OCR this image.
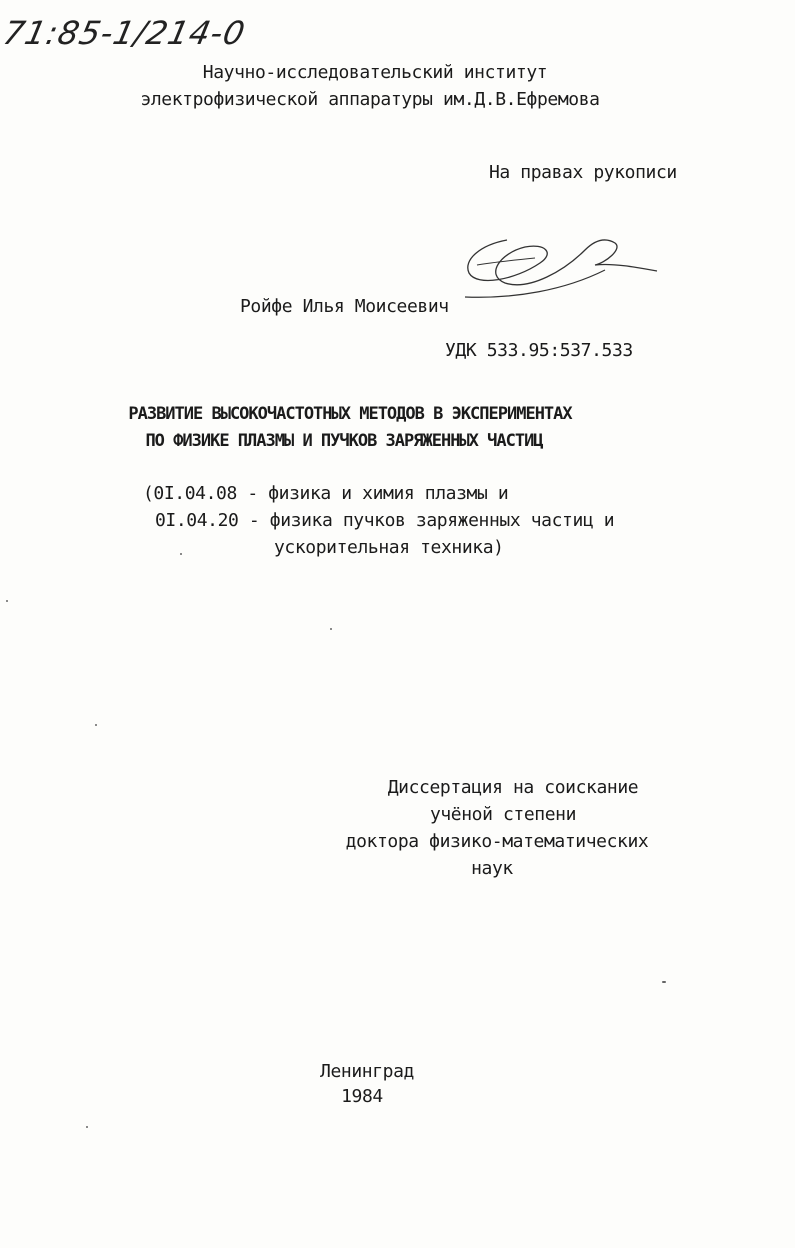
71:85-1/214-0
Научно-исследовательский институт
электрофизической аппаратуры им.Д.В.Ефремова
На правах рукописи
Ройфе Илья Моисеевич
УДК 533.95:537.533
РАЗВИТИЕ ВЫСОКОЧАСТОТНЫХ МЕТОДОВ В ЭКСПЕРИМЕНТАХ
ПО ФИЗИКЕ ПЛАЗМЫ И ПУЧКОВ ЗАРЯЖЕННЫХ ЧАСТИЦ
(0I.04.08 - физика и химия плазмы и
0I.04.20 - физика пучков заряженных частиц и
ускорительная техника)
Диссертация на соискание
учёной степени
доктора физико-математических
наук
Ленинград
1984
